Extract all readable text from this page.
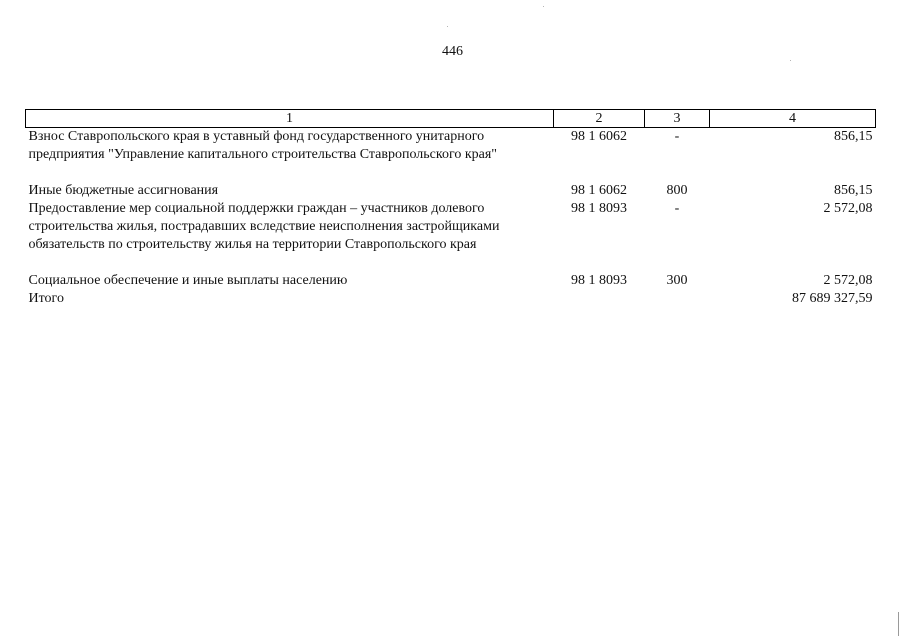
446
1	2	3	4
Взнос Ставропольского края в уставный фонд государственного унитарного предприятия "Управление капитального строительства Ставропольского края"	98 1 6062	-	856,15

Иные бюджетные ассигнования	98 1 6062	800	856,15
Предоставление мер социальной поддержки граждан – участников долевого строительства жилья, пострадавших вследствие неисполнения застройщиками обязательств по строительству жилья на территории Ставропольского края	98 1 8093	-	2 572,08

Социальное обеспечение и иные выплаты населению	98 1 8093	300	2 572,08
Итого			87 689 327,59
